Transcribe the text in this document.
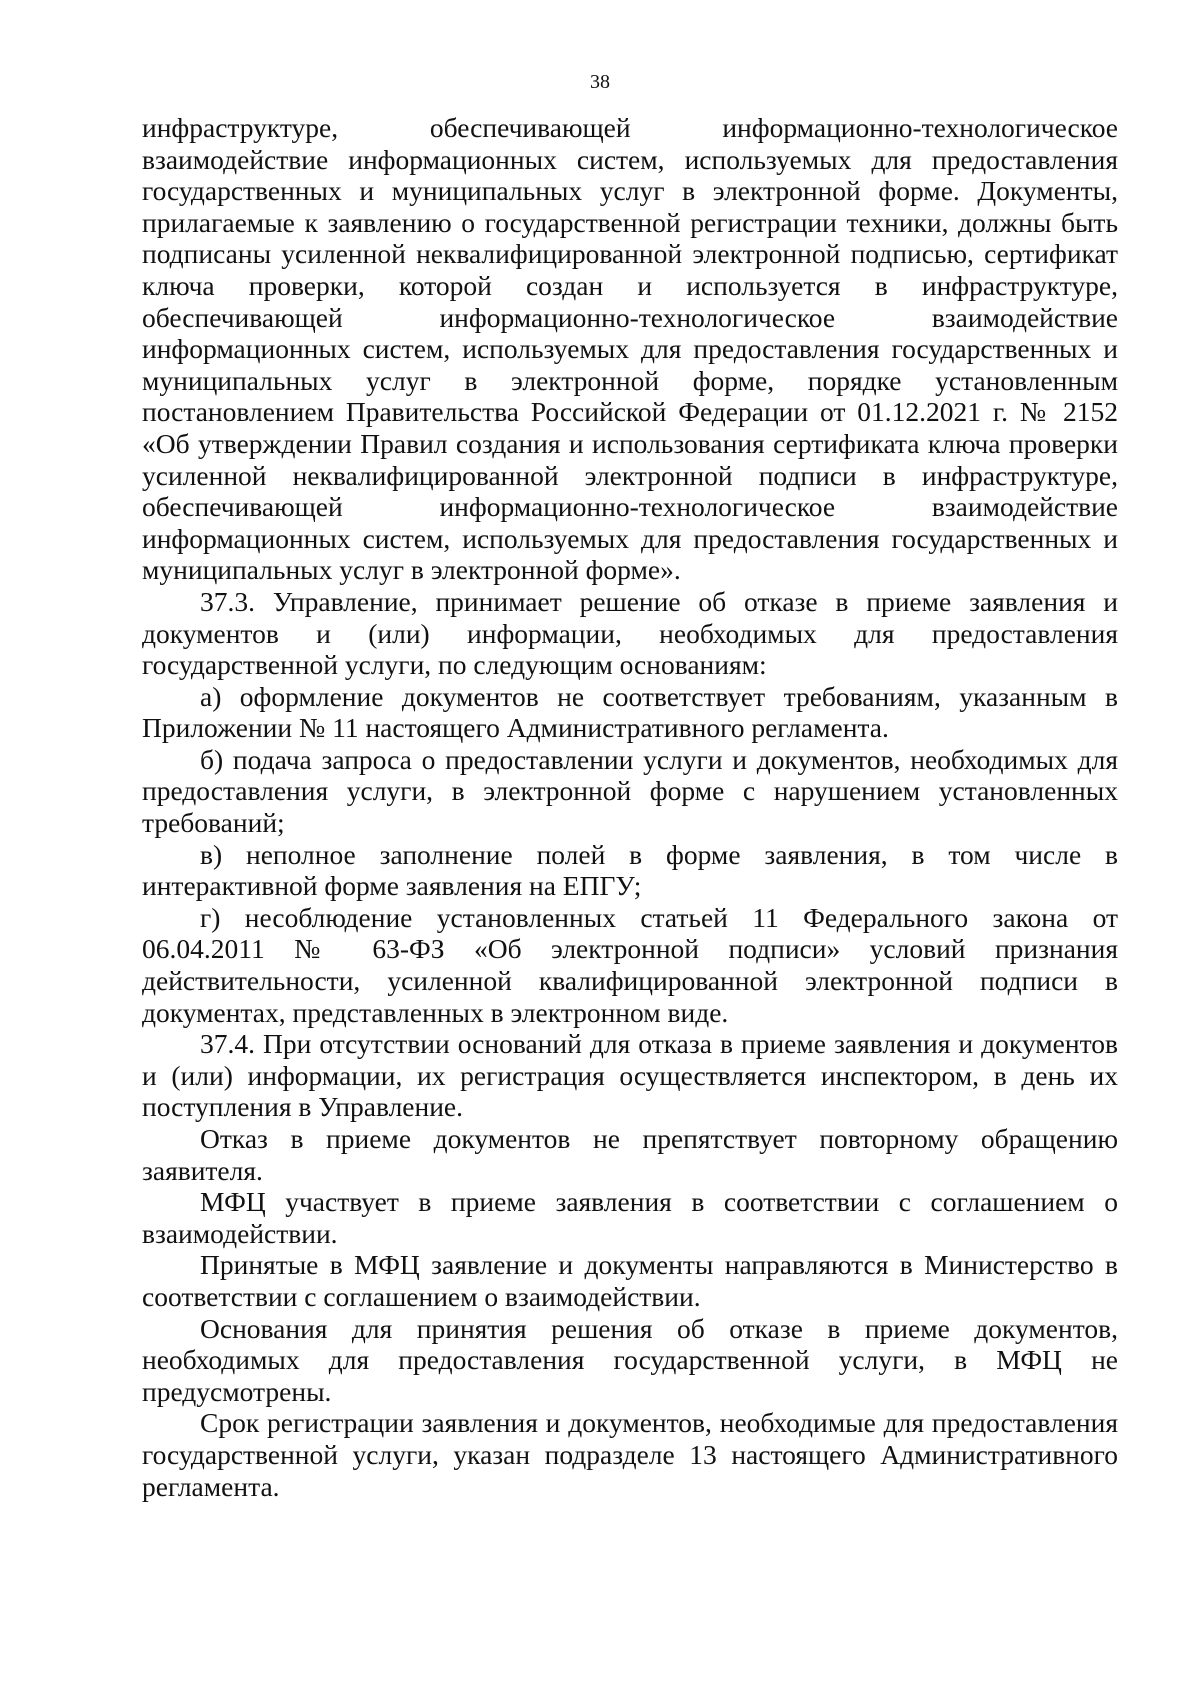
38

инфраструктуре, обеспечивающей информационно-технологическое взаимодействие информационных систем, используемых для предоставления государственных и муниципальных услуг в электронной форме. Документы, прилагаемые к заявлению о государственной регистрации техники, должны быть подписаны усиленной неквалифицированной электронной подписью, сертификат ключа проверки, которой создан и используется в инфраструктуре, обеспечивающей информационно-технологическое взаимодействие информационных систем, используемых для предоставления государственных и муниципальных услуг в электронной форме, порядке установленным постановлением Правительства Российской Федерации от 01.12.2021 г. № 2152 «Об утверждении Правил создания и использования сертификата ключа проверки усиленной неквалифицированной электронной подписи в инфраструктуре, обеспечивающей информационно-технологическое взаимодействие информационных систем, используемых для предоставления государственных и муниципальных услуг в электронной форме».

37.3. Управление, принимает решение об отказе в приеме заявления и документов и (или) информации, необходимых для предоставления государственной услуги, по следующим основаниям:

а) оформление документов не соответствует требованиям, указанным в Приложении № 11 настоящего Административного регламента.

б) подача запроса о предоставлении услуги и документов, необходимых для предоставления услуги, в электронной форме с нарушением установленных требований;

в) неполное заполнение полей в форме заявления, в том числе в интерактивной форме заявления на ЕПГУ;

г) несоблюдение установленных статьей 11 Федерального закона от 06.04.2011 № 63-ФЗ «Об электронной подписи» условий признания действительности, усиленной квалифицированной электронной подписи в документах, представленных в электронном виде.

37.4. При отсутствии оснований для отказа в приеме заявления и документов и (или) информации, их регистрация осуществляется инспектором, в день их поступления в Управление.

Отказ в приеме документов не препятствует повторному обращению заявителя.

МФЦ участвует в приеме заявления в соответствии с соглашением о взаимодействии.

Принятые в МФЦ заявление и документы направляются в Министерство в соответствии с соглашением о взаимодействии.

Основания для принятия решения об отказе в приеме документов, необходимых для предоставления государственной услуги, в МФЦ не предусмотрены.

Срок регистрации заявления и документов, необходимые для предоставления государственной услуги, указан подразделе 13 настоящего Административного регламента.
